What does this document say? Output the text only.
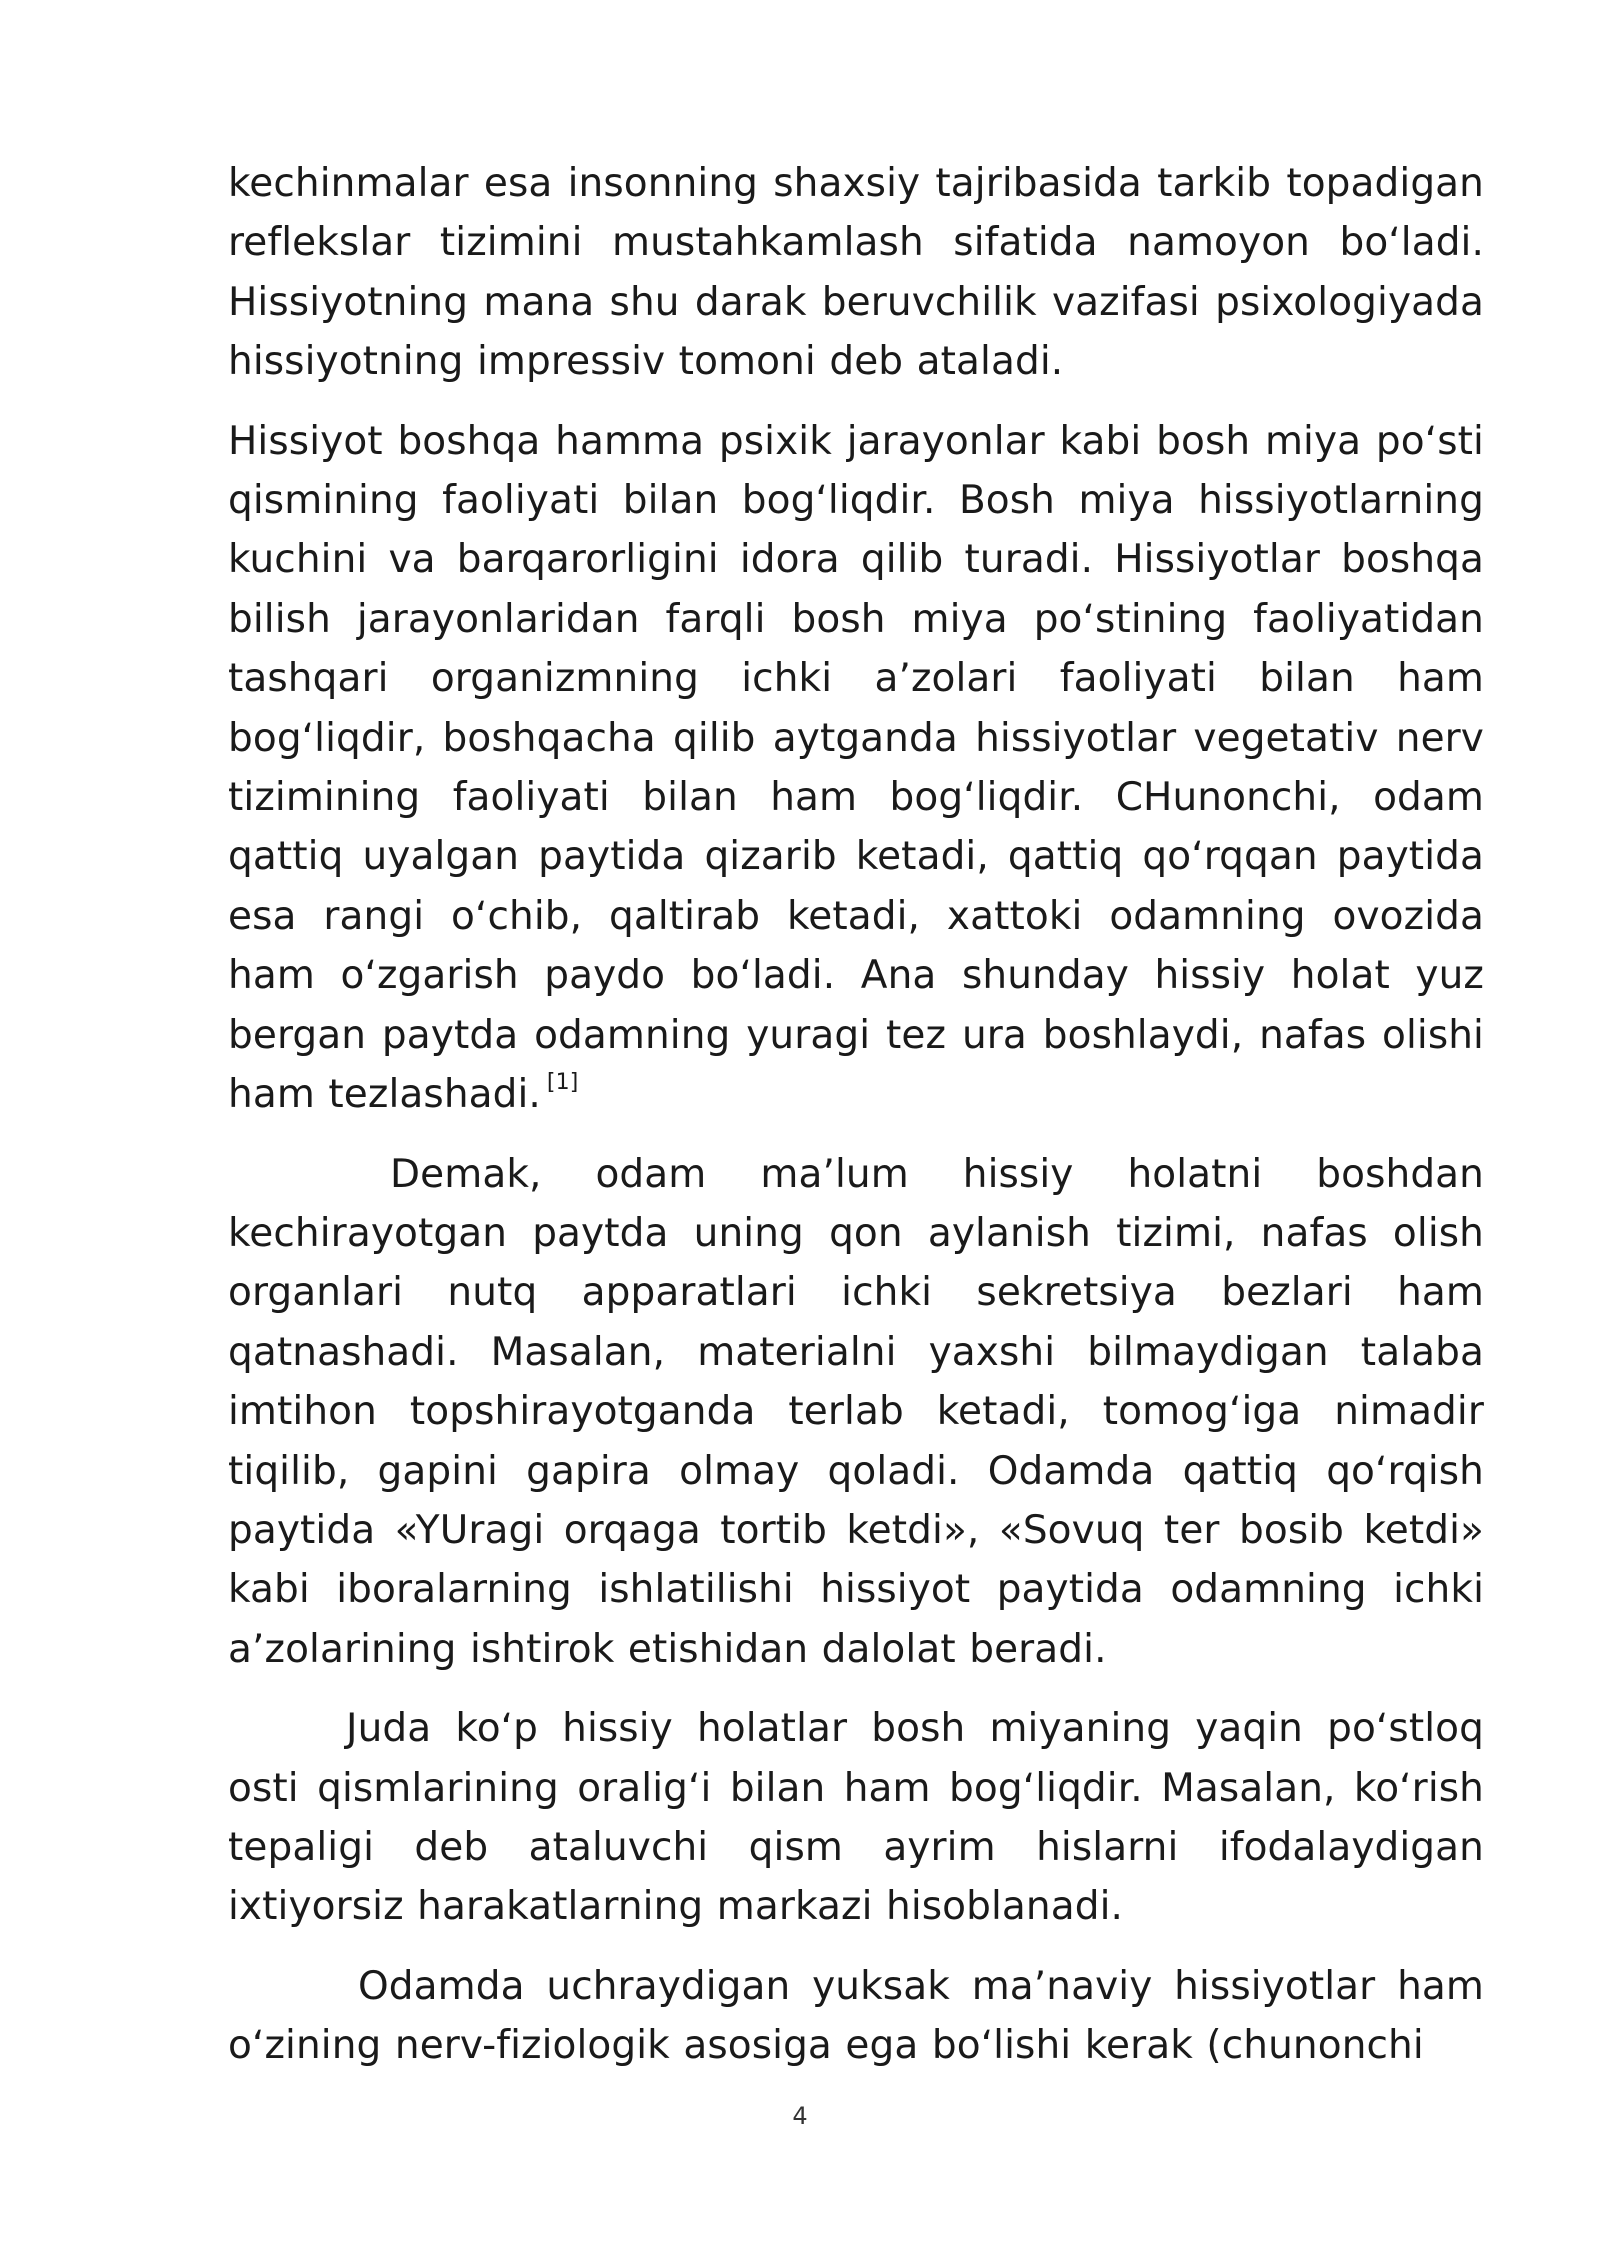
kechinmalar esa insonning shaxsiy tajribasida tarkib topadigan reflekslar tizimini mustahkamlash sifatida namoyon bo‘ladi. Hissiyotning mana shu darak beruvchilik vazifasi psixologiyada hissiyotning impressiv tomoni deb ataladi.

Hissiyot boshqa hamma psixik jarayonlar kabi bosh miya po‘sti qismining faoliyati bilan bog‘liqdir. Bosh miya hissiyotlarning kuchini va barqarorligini idora qilib turadi. Hissiyotlar boshqa bilish jarayonlaridan farqli bosh miya po‘stining faoliyatidan tashqari organizmning ichki a’zolari faoliyati bilan ham bog‘liqdir, boshqacha qilib aytganda hissiyotlar vegetativ nerv tizimining faoliyati bilan ham bog‘liqdir. CHunonchi, odam qattiq uyalgan paytida qizarib ketadi, qattiq qo‘rqqan paytida esa rangi o‘chib, qaltirab ketadi, xattoki odamning ovozida ham o‘zgarish paydo bo‘ladi. Ana shunday hissiy holat yuz bergan paytda odamning yuragi tez ura boshlaydi, nafas olishi ham tezlashadi. [1]

Demak, odam ma’lum hissiy holatni boshdan kechirayotgan paytda uning qon aylanish tizimi, nafas olish organlari nutq apparatlari ichki sekretsiya bezlari ham qatnashadi. Masalan, materialni yaxshi bilmaydigan talaba imtihon topshirayotganda terlab ketadi, tomog‘iga nimadir tiqilib, gapini gapira olmay qoladi. Odamda qattiq qo‘rqish paytida «YUragi orqaga tortib ketdi», «Sovuq ter bosib ketdi» kabi iboralarning ishlatilishi hissiyot paytida odamning ichki a’zolarining ishtirok etishidan dalolat beradi.

Juda ko‘p hissiy holatlar bosh miyaning yaqin po‘stloq osti qismlarining oralig‘i bilan ham bog‘liqdir. Masalan, ko‘rish tepaligi deb ataluvchi qism ayrim hislarni ifodalaydigan ixtiyorsiz harakatlarning markazi hisoblanadi.

Odamda uchraydigan yuksak ma’naviy hissiyotlar ham o‘zining nerv-fiziologik asosiga ega bo‘lishi kerak (chunonchi

4
